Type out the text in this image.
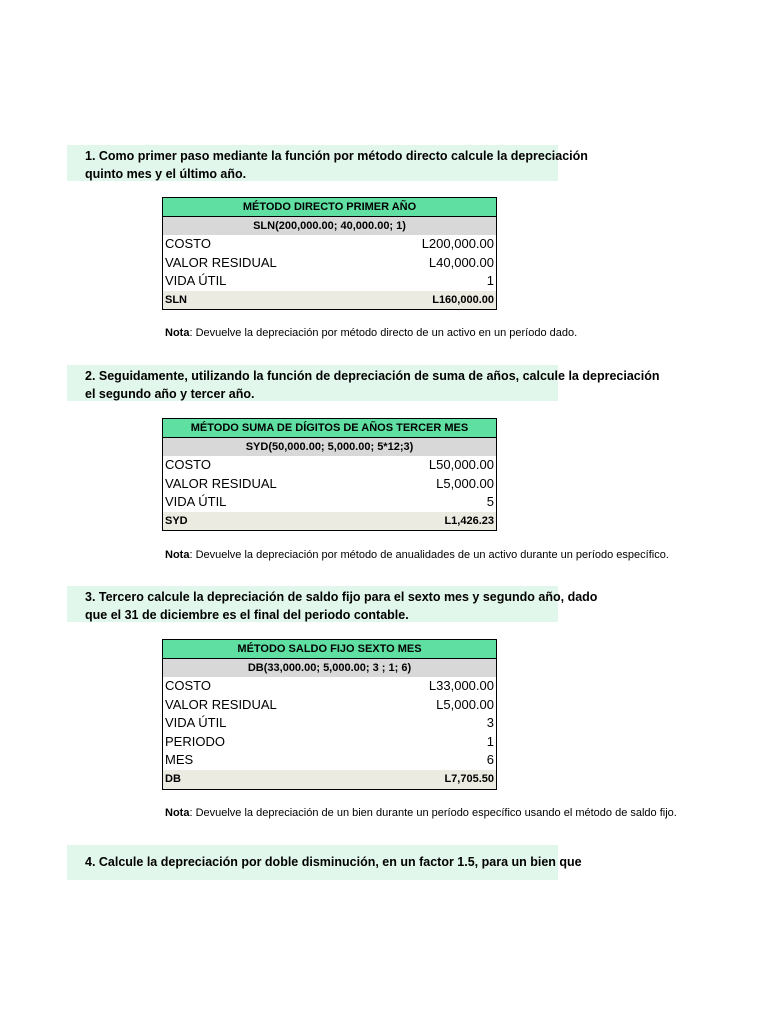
1. Como primer paso mediante la función por método directo calcule la depreciación
quinto mes y el último año.
MÉTODO DIRECTO PRIMER AÑO
SLN(200,000.00; 40,000.00; 1)
COSTO	L200,000.00
VALOR RESIDUAL	L40,000.00
VIDA ÚTIL	1
SLN	L160,000.00
Nota: Devuelve la depreciación por método directo de un activo en un período dado.
2. Seguidamente, utilizando la función de depreciación de suma de años, calcule la depreciación
el segundo año y tercer año.
MÉTODO SUMA DE DÍGITOS DE AÑOS TERCER MES
SYD(50,000.00; 5,000.00; 5*12;3)
COSTO	L50,000.00
VALOR RESIDUAL	L5,000.00
VIDA ÚTIL	5
SYD	L1,426.23
Nota: Devuelve la depreciación por método de anualidades de un activo durante un período específico.
3. Tercero calcule la depreciación de saldo fijo para el sexto mes y segundo año, dado
que el 31 de diciembre es el final del periodo contable.
MÉTODO SALDO FIJO SEXTO MES
DB(33,000.00; 5,000.00; 3 ; 1; 6)
COSTO	L33,000.00
VALOR RESIDUAL	L5,000.00
VIDA ÚTIL	3
PERIODO	1
MES	6
DB	L7,705.50
Nota: Devuelve la depreciación de un bien durante un período específico usando el método de saldo fijo.
4. Calcule la depreciación por doble disminución, en un factor 1.5, para un bien que
